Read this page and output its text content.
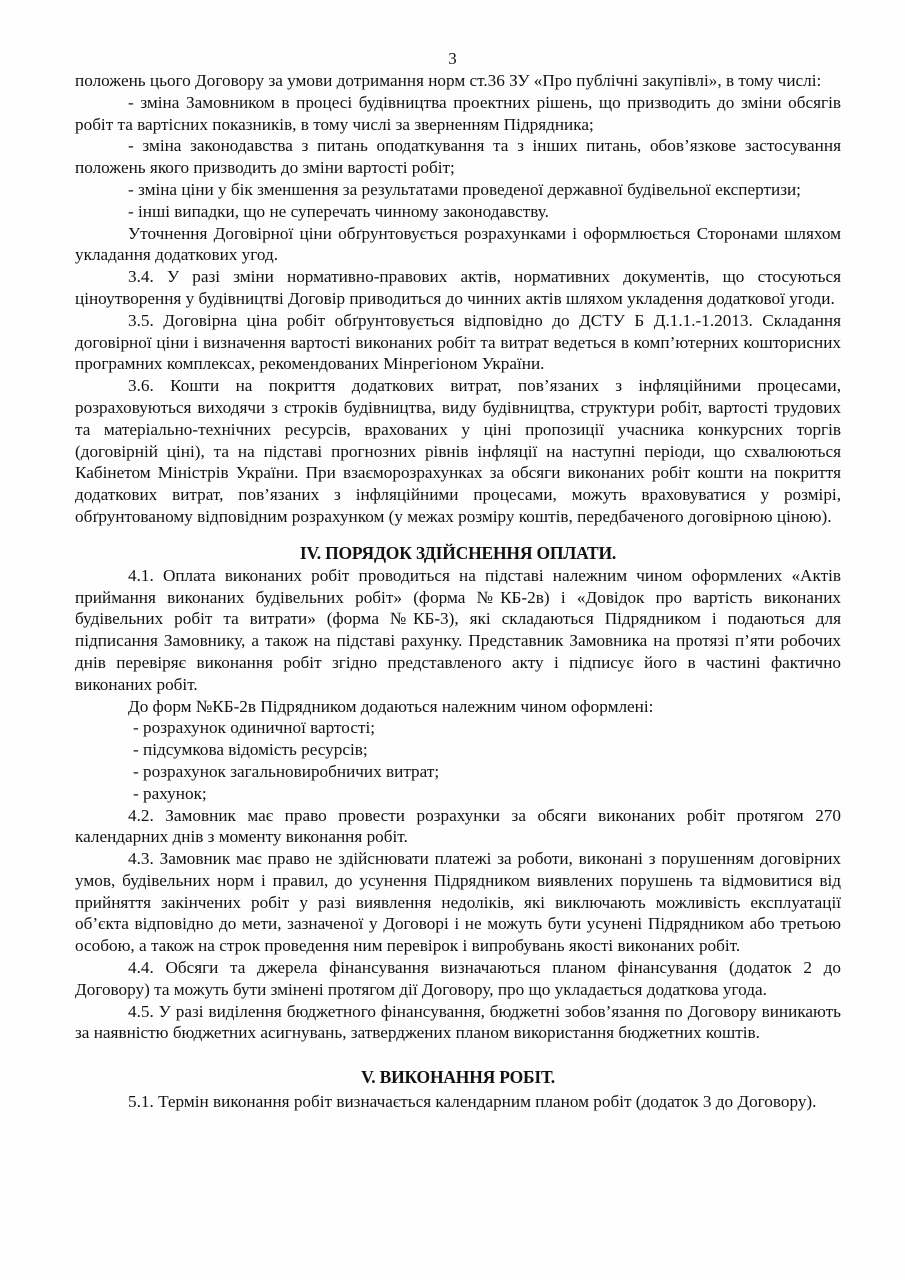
3

положень цього Договору за умови дотримання норм ст.36 ЗУ «Про публічні закупівлі», в тому числі:

- зміна Замовником в процесі будівництва проектних рішень, що призводить до зміни обсягів робіт та вартісних показників, в тому числі за зверненням Підрядника;

- зміна законодавства з питань оподаткування та з інших питань, обов’язкове застосування положень якого призводить до зміни вартості робіт;

- зміна ціни у бік зменшення за результатами проведеної державної будівельної експертизи;

- інші випадки, що не суперечать чинному законодавству.

Уточнення Договірної ціни обґрунтовується розрахунками і оформлюється Сторонами шляхом укладання додаткових угод.

3.4. У разі зміни нормативно-правових актів, нормативних документів, що стосуються ціноутворення у будівництві Договір приводиться до чинних актів шляхом укладення додаткової угоди.

3.5. Договірна ціна робіт обґрунтовується відповідно до ДСТУ Б Д.1.1.-1.2013. Складання договірної ціни і визначення вартості виконаних робіт та витрат ведеться в комп’ютерних кошторисних програмних комплексах, рекомендованих Мінрегіоном України.

3.6. Кошти на покриття додаткових витрат, пов’язаних з інфляційними процесами, розраховуються виходячи з строків будівництва, виду будівництва, структури робіт, вартості трудових та матеріально-технічних ресурсів, врахованих у ціні пропозиції учасника конкурсних торгів (договірній ціні), та на підставі прогнозних рівнів інфляції на наступні періоди, що схвалюються Кабінетом Міністрів України. При взаєморозрахунках за обсяги виконаних робіт кошти на покриття додаткових витрат, пов’язаних з інфляційними процесами, можуть враховуватися у розмірі, обґрунтованому відповідним розрахунком (у межах розміру коштів, передбаченого договірною ціною).

IV. ПОРЯДОК ЗДІЙСНЕННЯ ОПЛАТИ.

4.1. Оплата виконаних робіт проводиться на підставі належним чином оформлених «Актів приймання виконаних будівельних робіт» (форма №КБ-2в) і «Довідок про вартість виконаних будівельних робіт та витрати» (форма №КБ-3), які складаються Підрядником і подаються для підписання Замовнику, а також на підставі рахунку. Представник Замовника на протязі п’яти робочих днів перевіряє виконання робіт згідно представленого акту і підписує його в частині фактично виконаних робіт.

До форм №КБ-2в Підрядником додаються належним чином оформлені:

- розрахунок одиничної вартості;

- підсумкова відомість ресурсів;

- розрахунок загальновиробничих витрат;

- рахунок;

4.2. Замовник має право провести розрахунки за обсяги виконаних робіт протягом 270 календарних днів з моменту виконання робіт.

4.3. Замовник має право не здійснювати платежі за роботи, виконані з порушенням договірних умов, будівельних норм і правил, до усунення Підрядником виявлених порушень та відмовитися від прийняття закінчених робіт у разі виявлення недоліків, які виключають можливість експлуатації об’єкта відповідно до мети, зазначеної у Договорі і не можуть бути усунені Підрядником або третьою особою, а також на строк проведення ним перевірок і випробувань якості виконаних робіт.

4.4. Обсяги та джерела фінансування визначаються планом фінансування (додаток 2 до Договору) та можуть бути змінені протягом дії Договору, про що укладається додаткова угода.

4.5. У разі виділення бюджетного фінансування, бюджетні зобов’язання по Договору виникають за наявністю бюджетних асигнувань, затверджених планом використання бюджетних коштів.

V. ВИКОНАННЯ РОБІТ.

5.1. Термін виконання робіт визначається календарним планом робіт (додаток 3 до Договору).
